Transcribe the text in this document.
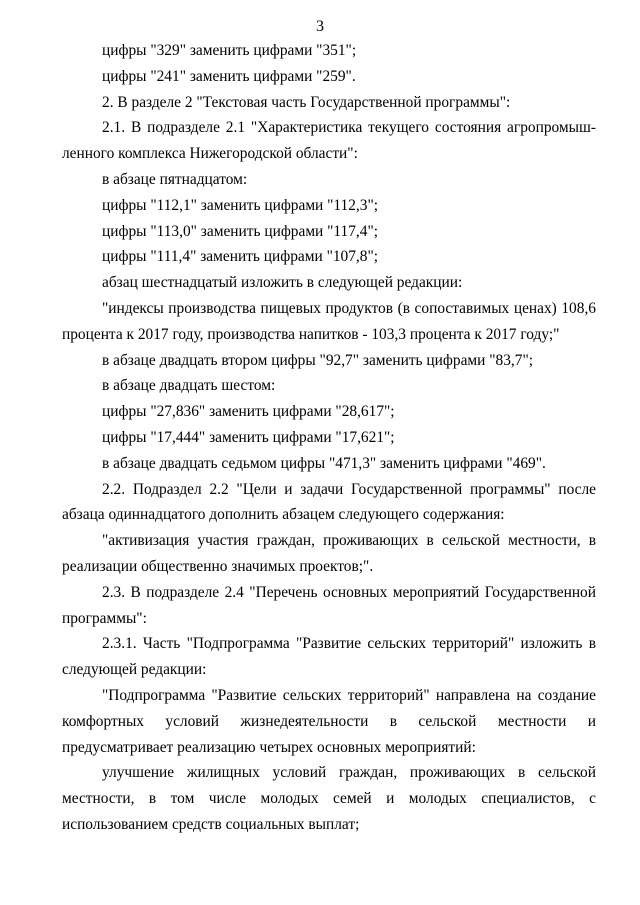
3

цифры "329" заменить цифрами "351";

цифры "241" заменить цифрами "259".

2. В разделе 2 "Текстовая часть Государственной программы":

2.1. В подразделе 2.1 "Характеристика текущего состояния агропромышленного комплекса Нижегородской области":

в абзаце пятнадцатом:

цифры "112,1" заменить цифрами "112,3";

цифры "113,0" заменить цифрами "117,4";

цифры "111,4" заменить цифрами "107,8";

абзац шестнадцатый изложить в следующей редакции:

"индексы производства пищевых продуктов (в сопоставимых ценах) 108,6 процента к 2017 году, производства напитков - 103,3 процента к 2017 году;"

в абзаце двадцать втором цифры "92,7" заменить цифрами "83,7";

в абзаце двадцать шестом:

цифры "27,836" заменить цифрами "28,617";

цифры "17,444" заменить цифрами "17,621";

в абзаце двадцать седьмом цифры "471,3" заменить цифрами "469".

2.2. Подраздел 2.2 "Цели и задачи Государственной программы" после абзаца одиннадцатого дополнить абзацем следующего содержания:

"активизация участия граждан, проживающих в сельской местности, в реализации общественно значимых проектов;".

2.3. В подразделе 2.4 "Перечень основных мероприятий Государственной программы":

2.3.1. Часть "Подпрограмма "Развитие сельских территорий" изложить в следующей редакции:

"Подпрограмма "Развитие сельских территорий" направлена на создание комфортных условий жизнедеятельности в сельской местности и предусматривает реализацию четырех основных мероприятий:

улучшение жилищных условий граждан, проживающих в сельской местности, в том числе молодых семей и молодых специалистов, с использованием средств социальных выплат;
